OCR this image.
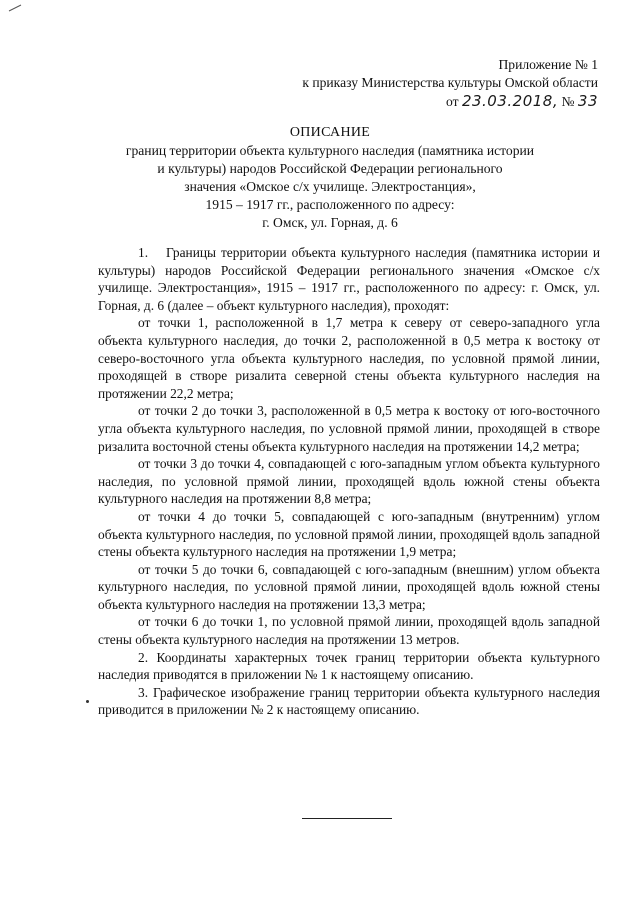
Приложение № 1
к приказу Министерства культуры Омской области
от 23.03.2018, № 33
ОПИСАНИЕ
границ территории объекта культурного наследия (памятника истории
и культуры) народов Российской Федерации регионального
значения «Омское с/х училище. Электростанция»,
1915 – 1917 гг., расположенного по адресу:
г. Омск, ул. Горная, д. 6

1. Границы территории объекта культурного наследия (памятника истории и культуры) народов Российской Федерации регионального значения «Омское с/х училище. Электростанция», 1915 – 1917 гг., расположенного по адресу: г. Омск, ул. Горная, д. 6 (далее – объект культурного наследия), проходят:

от точки 1, расположенной в 1,7 метра к северу от северо-западного угла объекта культурного наследия, до точки 2, расположенной в 0,5 метра к востоку от северо-восточного угла объекта культурного наследия, по условной прямой линии, проходящей в створе ризалита северной стены объекта культурного наследия на протяжении 22,2 метра;

от точки 2 до точки 3, расположенной в 0,5 метра к востоку от юго-восточного угла объекта культурного наследия, по условной прямой линии, проходящей в створе ризалита восточной стены объекта культурного наследия на протяжении 14,2 метра;

от точки 3 до точки 4, совпадающей с юго-западным углом объекта культурного наследия, по условной прямой линии, проходящей вдоль южной стены объекта культурного наследия на протяжении 8,8 метра;

от точки 4 до точки 5, совпадающей с юго-западным (внутренним) углом объекта культурного наследия, по условной прямой линии, проходящей вдоль западной стены объекта культурного наследия на протяжении 1,9 метра;

от точки 5 до точки 6, совпадающей с юго-западным (внешним) углом объекта культурного наследия, по условной прямой линии, проходящей вдоль южной стены объекта культурного наследия на протяжении 13,3 метра;

от точки 6 до точки 1, по условной прямой линии, проходящей вдоль западной стены объекта культурного наследия на протяжении 13 метров.

2. Координаты характерных точек границ территории объекта культурного наследия приводятся в приложении № 1 к настоящему описанию.

3. Графическое изображение границ территории объекта культурного наследия приводится в приложении № 2 к настоящему описанию.
